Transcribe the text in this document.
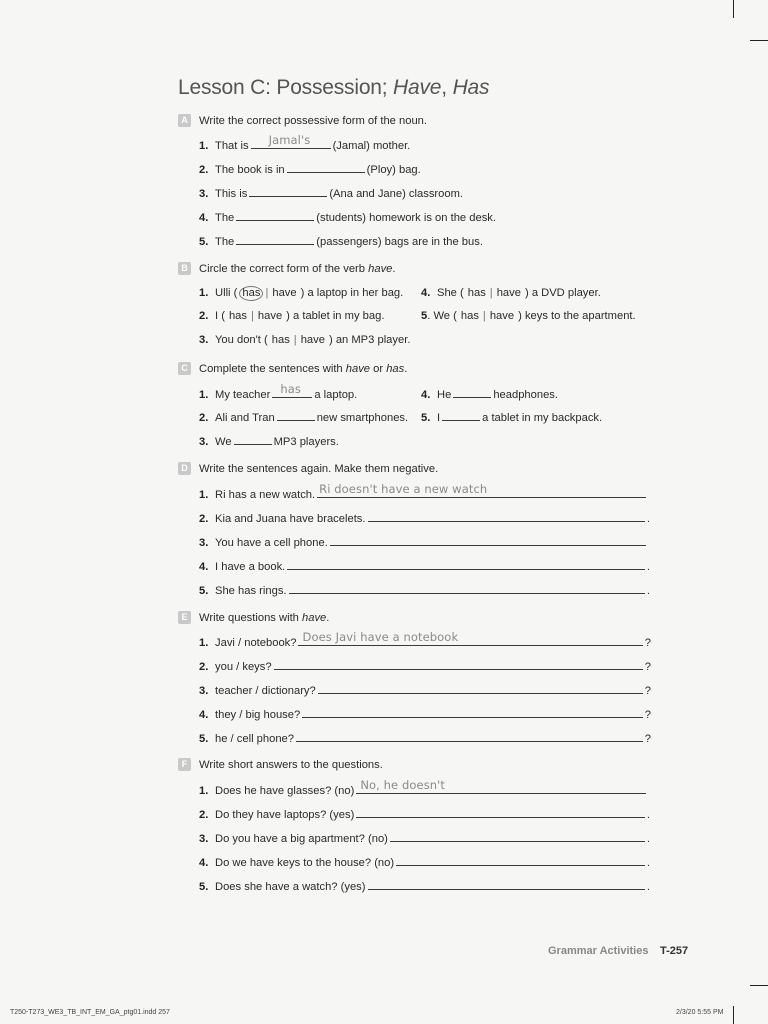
Lesson C: Possession; Have, Has
A Write the correct possessive form of the noun.
1. That is Jamal's (Jamal) mother.
2. The book is in	(Ploy) bag.
3. This is	(Ana and Jane) classroom.
4. The	(students) homework is on the desk.
5. The	(passengers) bags are in the bus.
B Circle the correct form of the verb have.
1. Ulli
( has | have )
a laptop in her bag.
2. I
( has | have )
a tablet in my bag.
3. You don't
( has | have )
an MP3 player.
4. She
( has | have )
a DVD player.
5 . We
( has | have )
keys to the apartment.
C Complete the sentences with have or has.
1. My teacher has a laptop.
2. Ali and Tran	new smartphones.
3. We	MP3 players.
4. He	headphones.
5. I	a tablet in my backpack.
D Write the sentences again. Make them negative.
1. Ri has a new watch. Ri doesn't have a new watch
2. Kia and Juana have bracelets.	.
3. You have a cell phone.
4. I have a book.	.
5. She has rings.	.
E	Write questions with have.
1. Javi / notebook? Does Javi have a notebook	?
2. you / keys?	?
3. teacher / dictionary?	?
4. they / big house?	?
5. he / cell phone?	?
F	Write short answers to the questions.
1. Does he have glasses? (no) No, he doesn't
2. Do they have laptops? (yes)	.
3. Do you have a big apartment? (no)	.
4. Do we have keys to the house? (no)	.
5. Does she have a watch? (yes)	.
Grammar Activities T-257
T250-T273_WE3_TB_INT_EM_GA_ptg01.indd 257	2/3/20 5:55 PM
